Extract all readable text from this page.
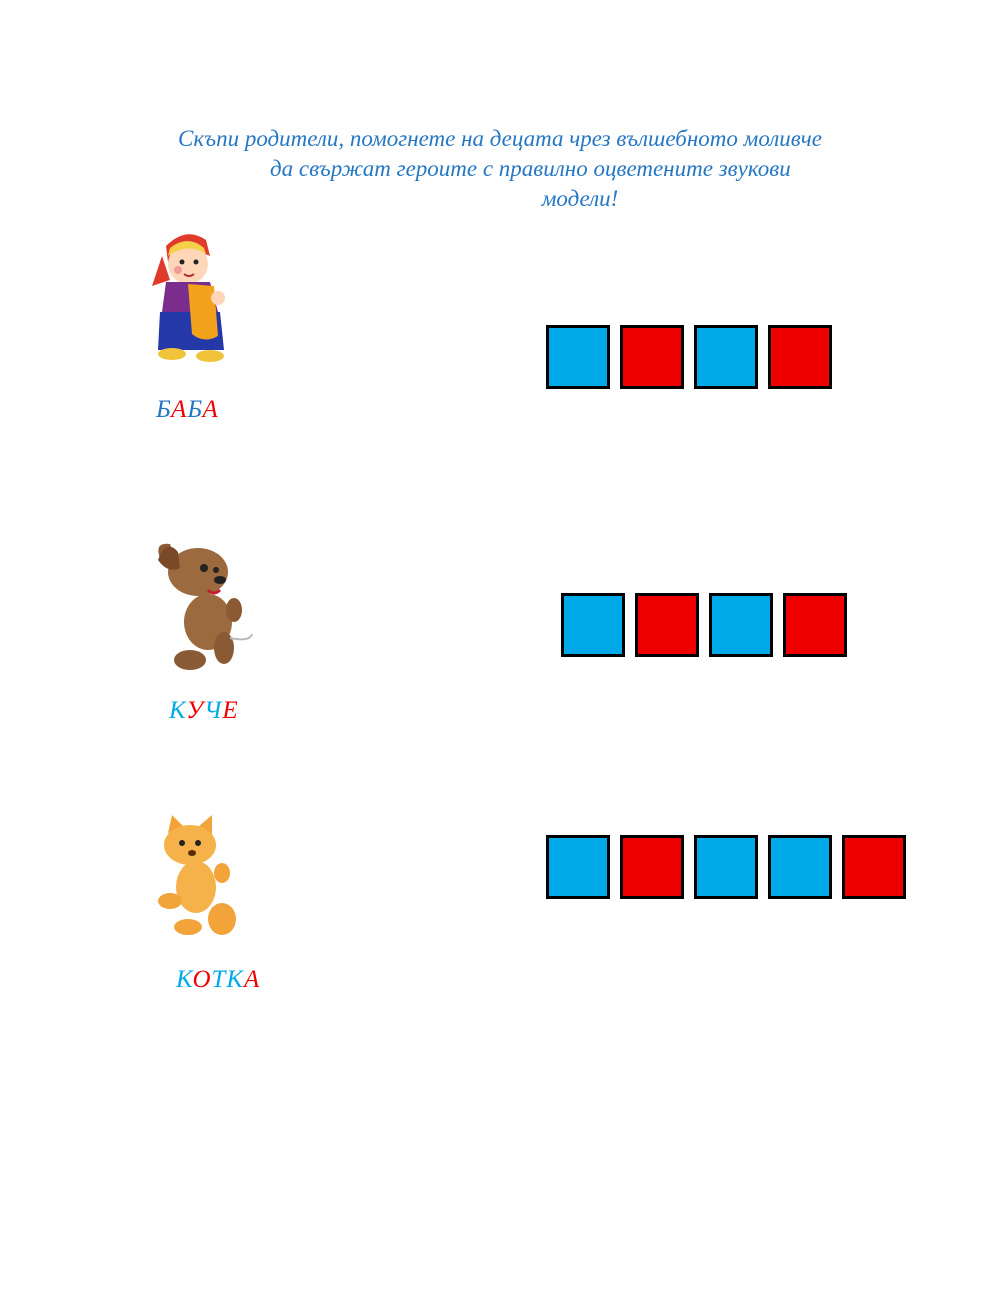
Скъпи родители, помогнете на децата чрез вълшебното моливче
да свържат героите с правилно оцветените звукови
модели!
БАБА
КУЧЕ
КОТКА
